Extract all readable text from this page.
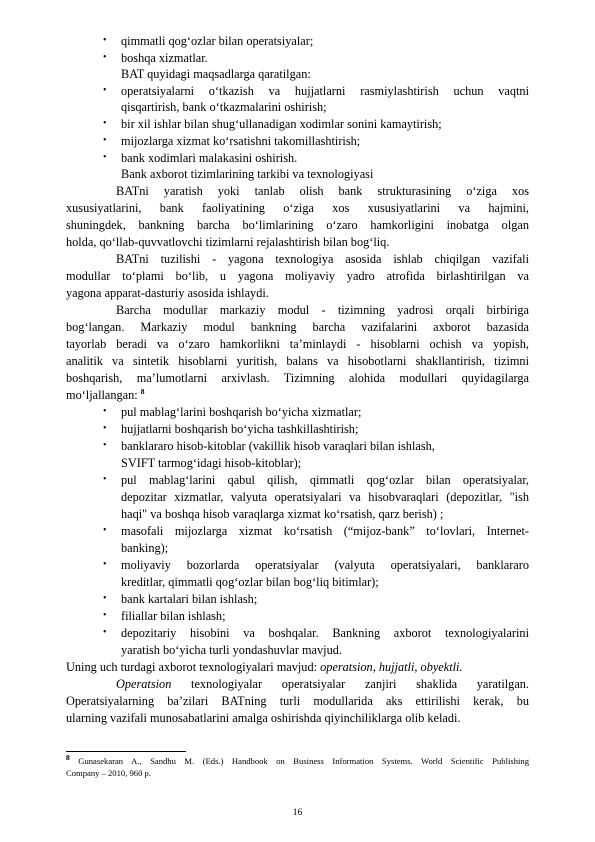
• qimmatli qog‘ozlar bilan operatsiyalar;
• boshqa xizmatlar.
BAT quyidagi maqsadlarga qaratilgan:
• operatsiyalarni o‘tkazish va hujjatlarni rasmiylashtirish uchun vaqtni
qisqartirish, bank o‘tkazmalarini oshirish;
• bir xil ishlar bilan shug‘ullanadigan xodimlar sonini kamaytirish;
• mijozlarga xizmat ko‘rsatishni takomillashtirish;
• bank xodimlari malakasini oshirish.
Bank axborot tizimlarining tarkibi va texnologiyasi
BATni yaratish yoki tanlab olish bank strukturasining o‘ziga xos
xususiyatlarini, bank faoliyatining o‘ziga xos xususiyatlarini va hajmini,
shuningdek, bankning barcha bo‘limlarining o‘zaro hamkorligini inobatga olgan
holda, qo‘llab-quvvatlovchi tizimlarni rejalashtirish bilan bog‘liq.
BATni tuzilishi - yagona texnologiya asosida ishlab chiqilgan vazifali
modullar to‘plami bo‘lib, u yagona moliyaviy yadro atrofida birlashtirilgan va
yagona apparat-dasturiy asosida ishlaydi.
Barcha modullar markaziy modul - tizimning yadrosi orqali birbiriga
bog‘langan. Markaziy modul bankning barcha vazifalarini axborot bazasida
tayorlab beradi va o‘zaro hamkorlikni ta’minlaydi - hisoblarni ochish va yopish,
analitik va sintetik hisoblarni yuritish, balans va hisobotlarni shakllantirish, tizimni
boshqarish, ma’lumotlarni arxivlash. Tizimning alohida modullari quyidagilarga
mo‘ljallangan: $^8$
• pul mablag‘larini boshqarish bo‘yicha xizmatlar;
• hujjatlarni boshqarish bo‘yicha tashkillashtirish;
• banklararo hisob-kitoblar (vakillik hisob varaqlari bilan ishlash,
SVIFT tarmog‘idagi hisob-kitoblar);
• pul mablag‘larini qabul qilish, qimmatli qog‘ozlar bilan operatsiyalar,
depozitar xizmatlar, valyuta operatsiyalari va hisobvaraqlari (depozitlar, "ish
haqi" va boshqa hisob varaqlarga xizmat ko‘rsatish, qarz berish) ;
• masofali mijozlarga xizmat ko‘rsatish (“mijoz-bank” to‘lovlari, Internet-
banking);
• moliyaviy bozorlarda operatsiyalar (valyuta operatsiyalari, banklararo
kreditlar, qimmatli qog‘ozlar bilan bog‘liq bitimlar);
• bank kartalari bilan ishlash;
• filiallar bilan ishlash;
• depozitariy hisobini va boshqalar. Bankning axborot texnologiyalarini
yaratish bo‘yicha turli yondashuvlar mavjud.
Uning uch turdagi axborot texnologiyalari mavjud: operatsion, hujjatli, obyektli.
Operatsion texnologiyalar operatsiyalar zanjiri shaklida yaratilgan.
Operatsiyalarning ba’zilari BATning turli modullarida aks ettirilishi kerak, bu
ularning vazifali munosabatlarini amalga oshirishda qiyinchiliklarga olib keladi.
$^8$ Gunasekaran A., Sandhu M. (Eds.) Handbook on Business Information Systems. World Scientific Publishing
Company – 2010, 960 p.
16
